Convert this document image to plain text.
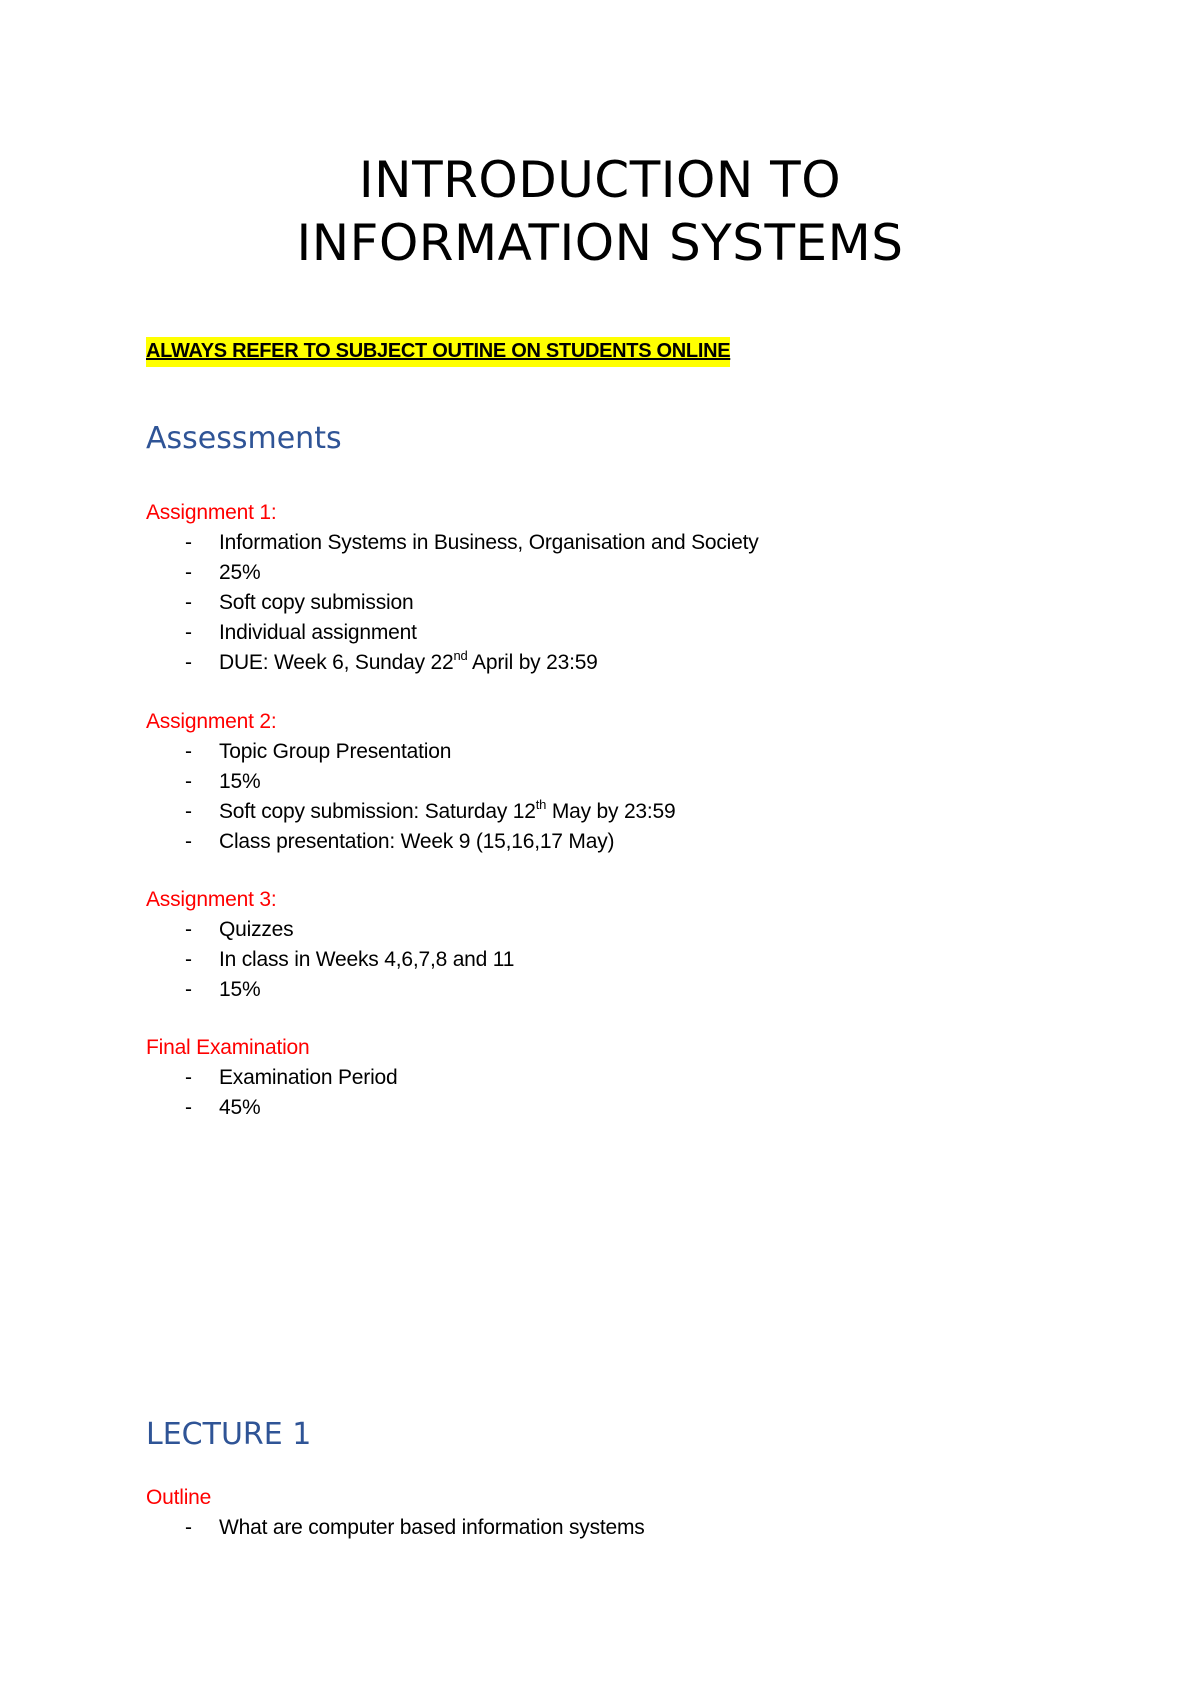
INTRODUCTION TO
INFORMATION SYSTEMS
ALWAYS REFER TO SUBJECT OUTINE ON STUDENTS ONLINE
Assessments
Assignment 1:
- Information Systems in Business, Organisation and Society
- 25%
- Soft copy submission
- Individual assignment
- DUE: Week 6, Sunday 22nd April by 23:59
Assignment 2:
- Topic Group Presentation
- 15%
- Soft copy submission: Saturday 12th May by 23:59
- Class presentation: Week 9 (15,16,17 May)
Assignment 3:
- Quizzes
- In class in Weeks 4,6,7,8 and 11
- 15%
Final Examination
- Examination Period
- 45%
LECTURE 1
Outline
- What are computer based information systems
